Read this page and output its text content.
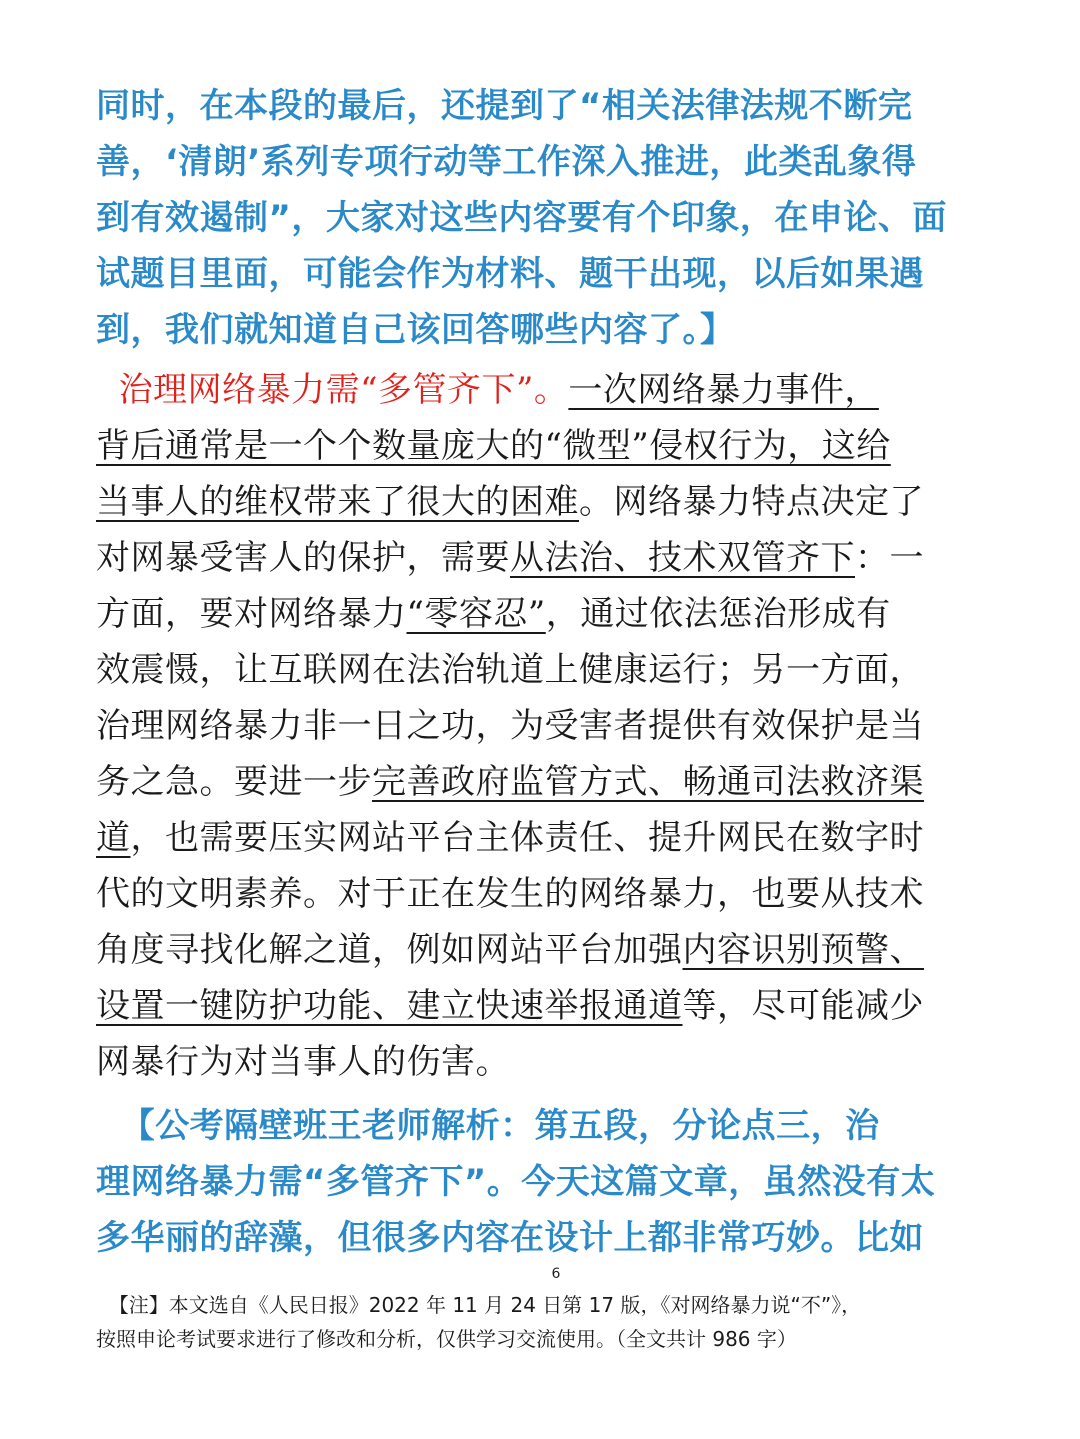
同时，在本段的最后，还提到了“相关法律法规不断完
善，‘清朗’系列专项行动等工作深入推进，此类乱象得
到有效遏制”，大家对这些内容要有个印象，在申论、面
试题目里面，可能会作为材料、题干出现，以后如果遇
到，我们就知道自己该回答哪些内容了。】
治理网络暴力需“多管齐下”。一次网络暴力事件，
背后通常是一个个数量庞大的“微型”侵权行为，这给
当事人的维权带来了很大的困难。网络暴力特点决定了
对网暴受害人的保护，需要从法治、技术双管齐下：一
方面，要对网络暴力“零容忍”，通过依法惩治形成有
效震慑，让互联网在法治轨道上健康运行；另一方面，
治理网络暴力非一日之功，为受害者提供有效保护是当
务之急。要进一步完善政府监管方式、畅通司法救济渠
道，也需要压实网站平台主体责任、提升网民在数字时
代的文明素养。对于正在发生的网络暴力，也要从技术
角度寻找化解之道，例如网站平台加强内容识别预警、
设置一键防护功能、建立快速举报通道等，尽可能减少
网暴行为对当事人的伤害。
【公考隔壁班王老师解析：第五段，分论点三，治
理网络暴力需“多管齐下”。今天这篇文章，虽然没有太
多华丽的辞藻，但很多内容在设计上都非常巧妙。比如
6
【注】本文选自《人民日报》2022 年 11 月 24 日第 17 版，《对网络暴力说“不”》，
按照申论考试要求进行了修改和分析，仅供学习交流使用。（全文共计 986 字）
